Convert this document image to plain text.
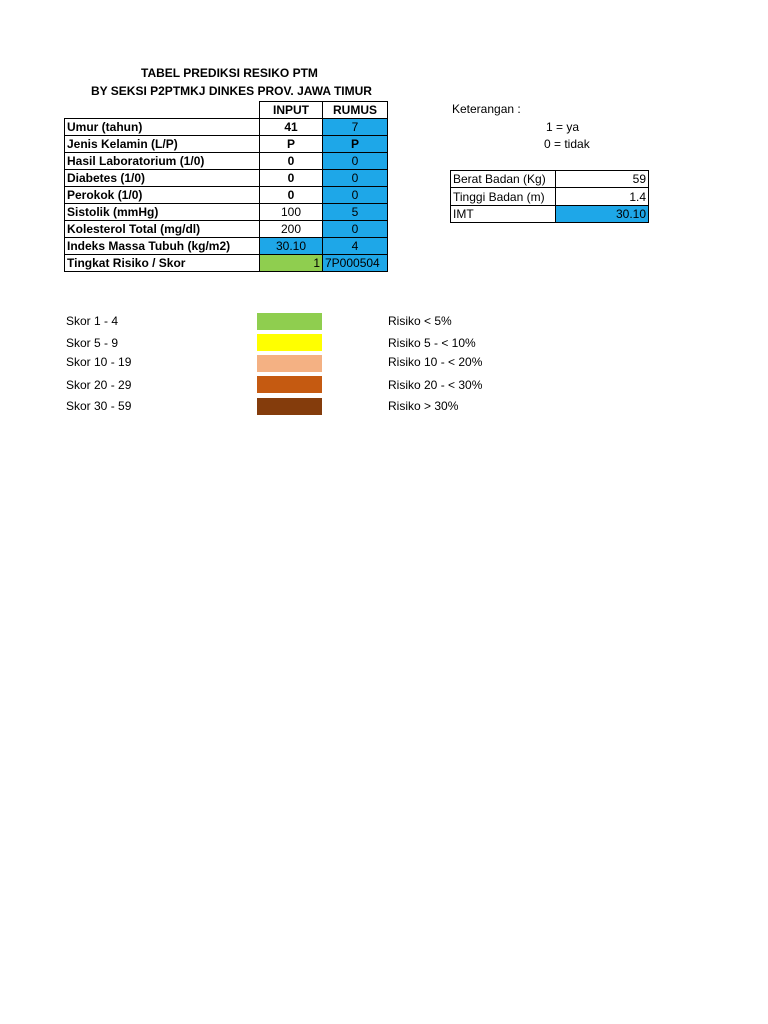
TABEL PREDIKSI RESIKO PTM
BY SEKSI P2PTMKJ DINKES PROV. JAWA TIMUR
	INPUT	RUMUS
Umur (tahun)	41	7
Jenis Kelamin (L/P)	P	P
Hasil Laboratorium (1/0)	0	0
Diabetes (1/0)	0	0
Perokok (1/0)	0	0
Sistolik (mmHg)	100	5
Kolesterol Total (mg/dl)	200	0
Indeks Massa Tubuh (kg/m2)	30.10	4
Tingkat Risiko / Skor	1	7P000504
Keterangan :
1 = ya
0 = tidak
Berat Badan (Kg)	59
Tinggi Badan (m)	1.4
IMT	30.10
Skor 1 - 4	Risiko < 5%
Skor 5 - 9	Risiko 5 - < 10%
Skor 10 - 19	Risiko 10 - < 20%
Skor 20 - 29	Risiko 20 - < 30%
Skor 30 - 59	Risiko > 30%
